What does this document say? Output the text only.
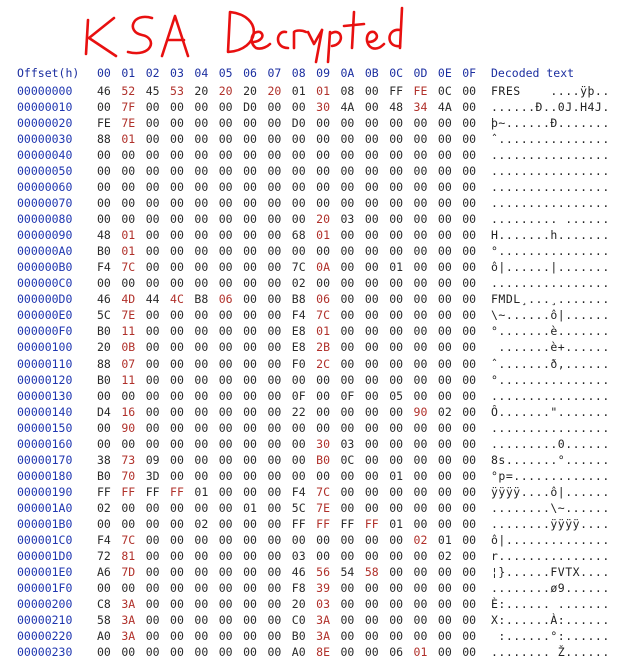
Offset(h) 00 01 02 03 04 05 06 07 08 09 0A 0B 0C 0D 0E 0F	Decoded text
00000000 46 52 45 53 20 20 20 20 01 01 08 00 FF FE 0C 00 FRES    ....ÿþ..
00000010 00 7F 00 00 00 00 D0 00 00 30 4A 00 48 34 4A 00 ......Ð..0J.H4J.
00000020 FE 7E 00 00 00 00 00 00 D0 00 00 00 00 00 00 00 þ~......Ð.......
00000030 88 01 00 00 00 00 00 00 00 00 00 00 00 00 00 00 ˆ...............
00000040 00 00 00 00 00 00 00 00 00 00 00 00 00 00 00 00 ................
00000050 00 00 00 00 00 00 00 00 00 00 00 00 00 00 00 00 ................
00000060 00 00 00 00 00 00 00 00 00 00 00 00 00 00 00 00 ................
00000070 00 00 00 00 00 00 00 00 00 00 00 00 00 00 00 00 ................
00000080 00 00 00 00 00 00 00 00 00 20 03 00 00 00 00 00 ......... ......
00000090 48 01 00 00 00 00 00 00 68 01 00 00 00 00 00 00 H.......h.......
000000A0 B0 01 00 00 00 00 00 00 00 00 00 00 00 00 00 00 °...............
000000B0 F4 7C 00 00 00 00 00 00 7C 0A 00 00 01 00 00 00 ô|......|.......
000000C0 00 00 00 00 00 00 00 00 02 00 00 00 00 00 00 00 ................
000000D0 46 4D 44 4C B8 06 00 00 B8 06 00 00 00 00 00 00 FMDL¸...¸.......
000000E0 5C 7E 00 00 00 00 00 00 F4 7C 00 00 00 00 00 00 \~......ô|......
000000F0 B0 11 00 00 00 00 00 00 E8 01 00 00 00 00 00 00 °.......è.......
00000100 20 0B 00 00 00 00 00 00 E8 2B 00 00 00 00 00 00 .......è+......
00000110 88 07 00 00 00 00 00 00 F0 2C 00 00 00 00 00 00 ˆ.......ð,......
00000120 B0 11 00 00 00 00 00 00 00 00 00 00 00 00 00 00 °...............
00000130 00 00 00 00 00 00 00 00 0F 00 0F 00 05 00 00 00 ................
00000140 D4 16 00 00 00 00 00 00 22 00 00 00 00 90 02 00 Ô.......".......
00000150 00 90 00 00 00 00 00 00 00 00 00 00 00 00 00 00 ................
00000160 00 00 00 00 00 00 00 00 00 30 03 00 00 00 00 00 .........0......
00000170 38 73 09 00 00 00 00 00 00 B0 0C 00 00 00 00 00 8s.......°......
00000180 B0 70 3D 00 00 00 00 00 00 00 00 00 01 00 00 00 °p=.............
00000190 FF FF FF FF 01 00 00 00 F4 7C 00 00 00 00 00 00 ÿÿÿÿ....ô|......
000001A0 02 00 00 00 00 00 01 00 5C 7E 00 00 00 00 00 00 ........\~......
000001B0 00 00 00 00 02 00 00 00 FF FF FF FF 01 00 00 00 ........ÿÿÿÿ....
000001C0 F4 7C 00 00 00 00 00 00 00 00 00 00 00 02 01 00 ô|..............
000001D0 72 81 00 00 00 00 00 00 03 00 00 00 00 00 02 00 r...............
000001E0 A6 7D 00 00 00 00 00 00 46 56 54 58 00 00 00 00 ¦}......FVTX....
000001F0 00 00 00 00 00 00 00 00 F8 39 00 00 00 00 00 00 ........ø9......
00000200 C8 3A 00 00 00 00 00 00 20 03 00 00 00 00 00 00 È:...... .......
00000210 58 3A 00 00 00 00 00 00 C0 3A 00 00 00 00 00 00 X:......À:......
00000220 A0 3A 00 00 00 00 00 00 B0 3A 00 00 00 00 00 00 :......°:......
00000230 00 00 00 00 00 00 00 00 A0 8E 00 00 06 01 00 00 ........ Ž......
